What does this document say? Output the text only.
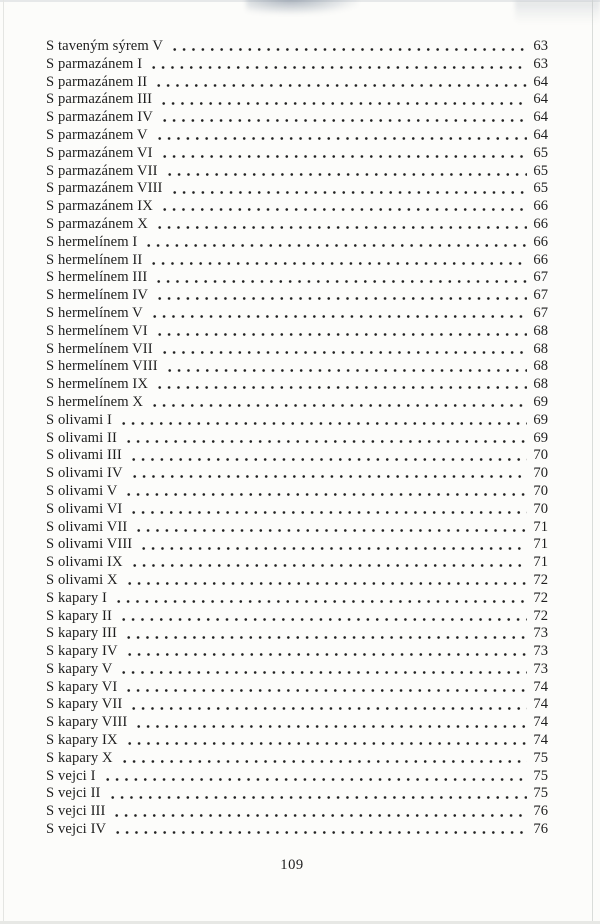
S taveným sýrem V	63
S parmazánem I	63
S parmazánem II	64
S parmazánem III	64
S parmazánem IV	64
S parmazánem V	64
S parmazánem VI	65
S parmazánem VII	65
S parmazánem VIII	65
S parmazánem IX	66
S parmazánem X	66
S hermelínem I	66
S hermelínem II	66
S hermelínem III	67
S hermelínem IV	67
S hermelínem V	67
S hermelínem VI	68
S hermelínem VII	68
S hermelínem VIII	68
S hermelínem IX	68
S hermelínem X	69
S olivami I	69
S olivami II	69
S olivami III	70
S olivami IV	70
S olivami V	70
S olivami VI	70
S olivami VII	71
S olivami VIII	71
S olivami IX	71
S olivami X	72
S kapary I	72
S kapary II	72
S kapary III	73
S kapary IV	73
S kapary V	73
S kapary VI	74
S kapary VII	74
S kapary VIII	74
S kapary IX	74
S kapary X	75
S vejci I	75
S vejci II	75
S vejci III	76
S vejci IV	76
109
